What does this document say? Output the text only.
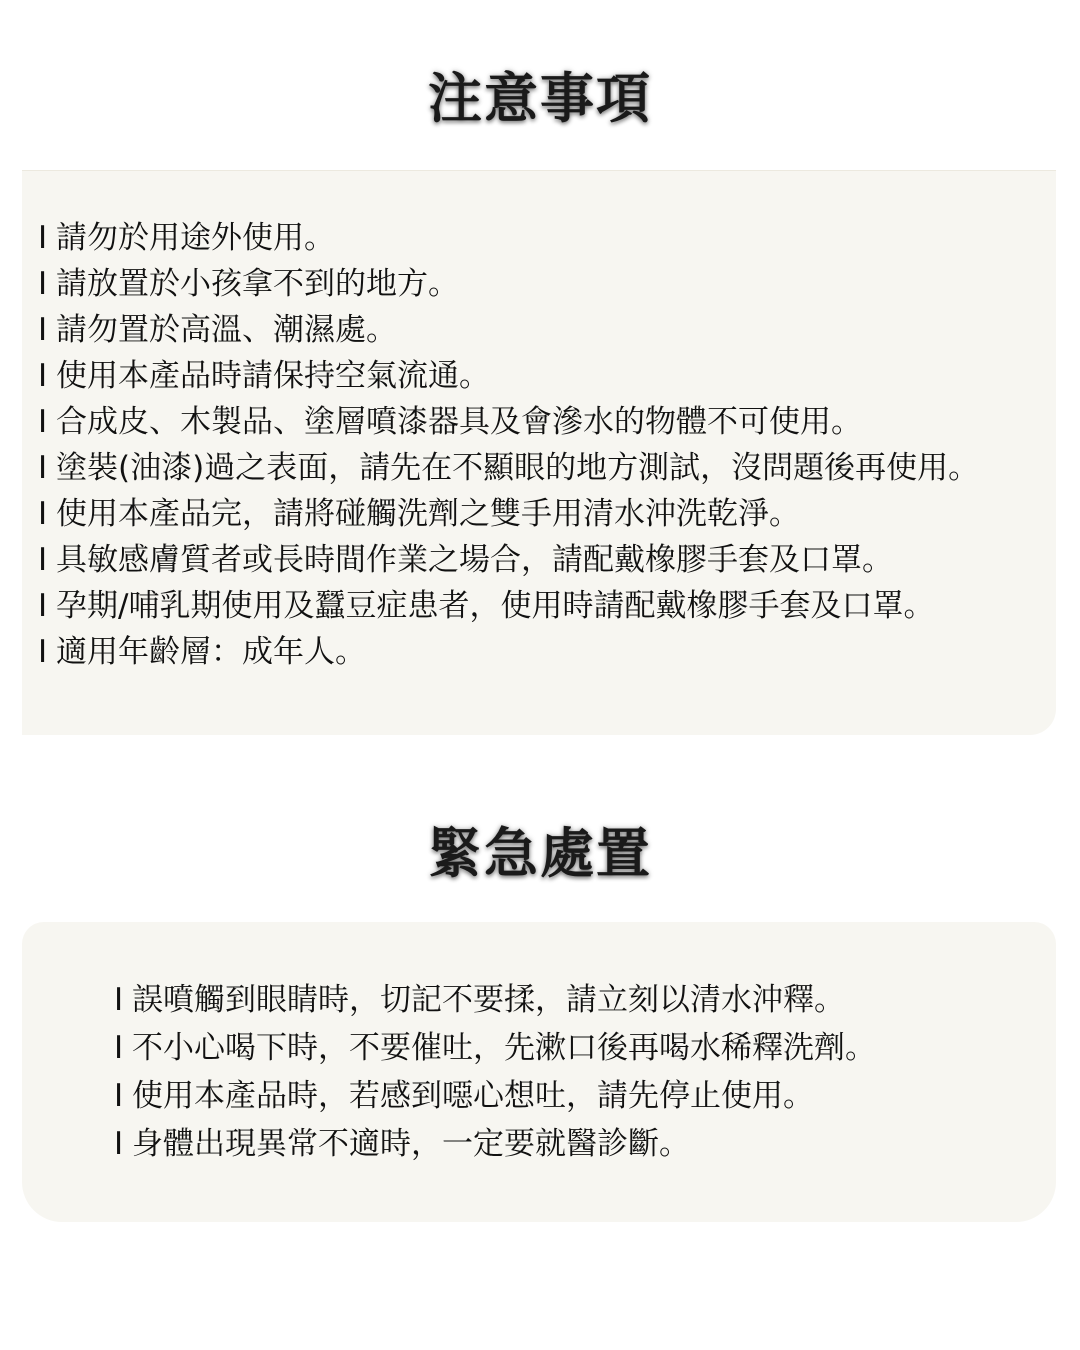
注意事項
I 請勿於用途外使用。
I 請放置於小孩拿不到的地方。
I 請勿置於高溫、潮濕處。
I 使用本產品時請保持空氣流通。
I 合成皮、木製品、塗層噴漆器具及會滲水的物體不可使用。
I 塗裝(油漆)過之表面，請先在不顯眼的地方測試，沒問題後再使用。
I 使用本產品完，請將碰觸洗劑之雙手用清水沖洗乾淨。
I 具敏感膚質者或長時間作業之場合，請配戴橡膠手套及口罩。
I 孕期/哺乳期使用及蠶豆症患者，使用時請配戴橡膠手套及口罩。
I 適用年齡層：成年人。
緊急處置
I 誤噴觸到眼睛時，切記不要揉，請立刻以清水沖釋。
I 不小心喝下時，不要催吐，先漱口後再喝水稀釋洗劑。
I 使用本產品時，若感到噁心想吐，請先停止使用。
I 身體出現異常不適時，一定要就醫診斷。
